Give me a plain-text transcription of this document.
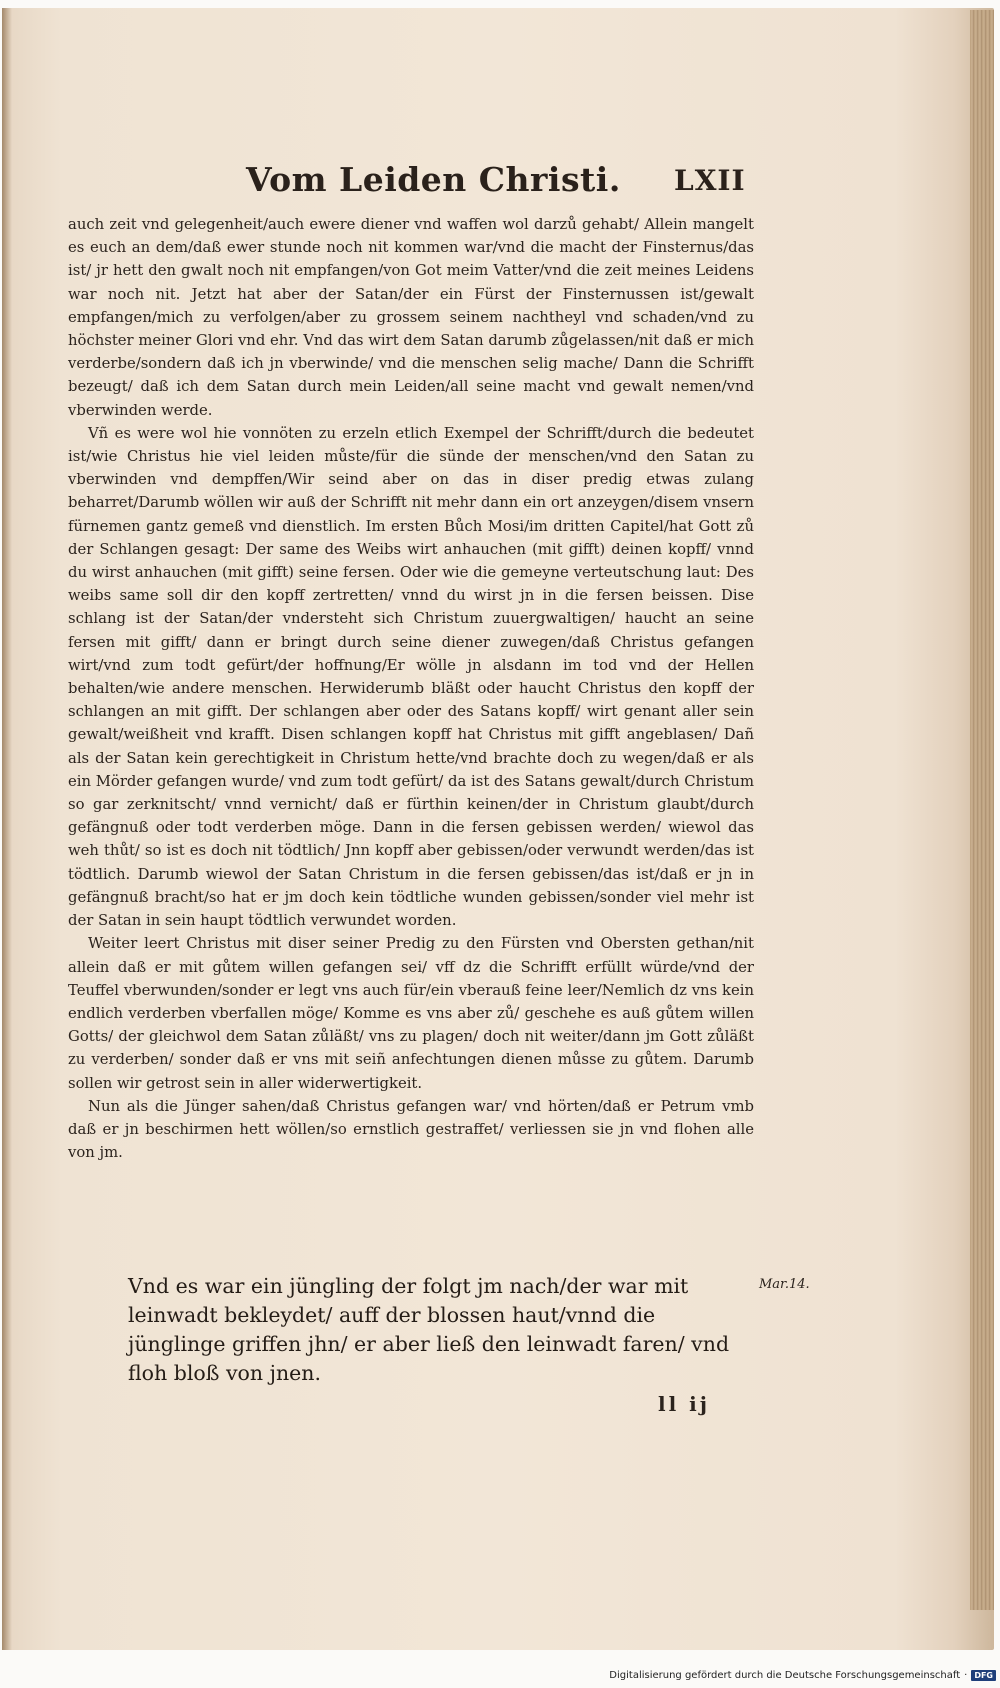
Vom Leiden Christi.	LXII

auch zeit vnd gelegenheit/auch ewere diener vnd waffen wol darzů gehabt/ Allein mangelt es euch an dem/daß ewer stunde noch nit kommen war/vnd die macht der Finsternus/das ist/ jr hett den gwalt noch nit empfangen/von Got meim Vatter/vnd die zeit meines Leidens war noch nit. Jetzt hat aber der Satan/der ein Fürst der Finsternussen ist/gewalt empfangen/mich zu verfolgen/aber zu grossem seinem nachtheyl vnd schaden/vnd zu höchster meiner Glori vnd ehr. Vnd das wirt dem Satan darumb zůgelassen/nit daß er mich verderbe/sondern daß ich jn vberwinde/ vnd die menschen selig mache/ Dann die Schrifft bezeugt/ daß ich dem Satan durch mein Leiden/all seine macht vnd gewalt nemen/vnd vberwinden werde.

Vñ es were wol hie vonnöten zu erzeln etlich Exempel der Schrifft/durch die bedeutet ist/wie Christus hie viel leiden můste/für die sünde der menschen/vnd den Satan zu vberwinden vnd dempffen/Wir seind aber on das in diser predig etwas zulang beharret/Darumb wöllen wir auß der Schrifft nit mehr dann ein ort anzeygen/disem vnsern fürnemen gantz gemeß vnd dienstlich. Im ersten Bůch Mosi/im dritten Capitel/hat Gott zů der Schlangen gesagt: Der same des Weibs wirt anhauchen (mit gifft) deinen kopff/ vnnd du wirst anhauchen (mit gifft) seine fersen. Oder wie die gemeyne verteutschung laut: Des weibs same soll dir den kopff zertretten/ vnnd du wirst jn in die fersen beissen. Dise schlang ist der Satan/der vndersteht sich Christum zuuergwaltigen/ haucht an seine fersen mit gifft/ dann er bringt durch seine diener zuwegen/daß Christus gefangen wirt/vnd zum todt gefürt/der hoffnung/Er wölle jn alsdann im tod vnd der Hellen behalten/wie andere menschen. Herwiderumb bläßt oder haucht Christus den kopff der schlangen an mit gifft. Der schlangen aber oder des Satans kopff/ wirt genant aller sein gewalt/weißheit vnd krafft. Disen schlangen kopff hat Christus mit gifft angeblasen/ Dañ als der Satan kein gerechtigkeit in Christum hette/vnd brachte doch zu wegen/daß er als ein Mörder gefangen wurde/ vnd zum todt gefürt/ da ist des Satans gewalt/durch Christum so gar zerknitscht/ vnnd vernicht/ daß er fürthin keinen/der in Christum glaubt/durch gefängnuß oder todt verderben möge. Dann in die fersen gebissen werden/ wiewol das weh thůt/ so ist es doch nit tödtlich/ Jnn kopff aber gebissen/oder verwundt werden/das ist tödtlich. Darumb wiewol der Satan Christum in die fersen gebissen/das ist/daß er jn in gefängnuß bracht/so hat er jm doch kein tödtliche wunden gebissen/sonder viel mehr ist der Satan in sein haupt tödtlich verwundet worden.

Weiter leert Christus mit diser seiner Predig zu den Fürsten vnd Obersten gethan/nit allein daß er mit gůtem willen gefangen sei/ vff dz die Schrifft erfüllt würde/vnd der Teuffel vberwunden/sonder er legt vns auch für/ein vberauß feine leer/Nemlich dz vns kein endlich verderben vberfallen möge/ Komme es vns aber zů/ geschehe es auß gůtem willen Gotts/ der gleichwol dem Satan zůläßt/ vns zu plagen/ doch nit weiter/dann jm Gott zůläßt zu verderben/ sonder daß er vns mit seiñ anfechtungen dienen můsse zu gůtem. Darumb sollen wir getrost sein in aller widerwertigkeit.

Nun als die Jünger sahen/daß Christus gefangen war/ vnd hörten/daß er Petrum vmb daß er jn beschirmen hett wöllen/so ernstlich gestraffet/ verliessen sie jn vnd flohen alle von jm.

Vnd es war ein jüngling der folgt jm nach/der war mit leinwadt bekleydet/ auff der blossen haut/vnnd die jünglinge griffen jhn/ er aber ließ den leinwadt faren/ vnd floh bloß von jnen.
Mar.14.
ll ij
Digitalisierung gefördert durch die Deutsche Forschungsgemeinschaft · DFG
